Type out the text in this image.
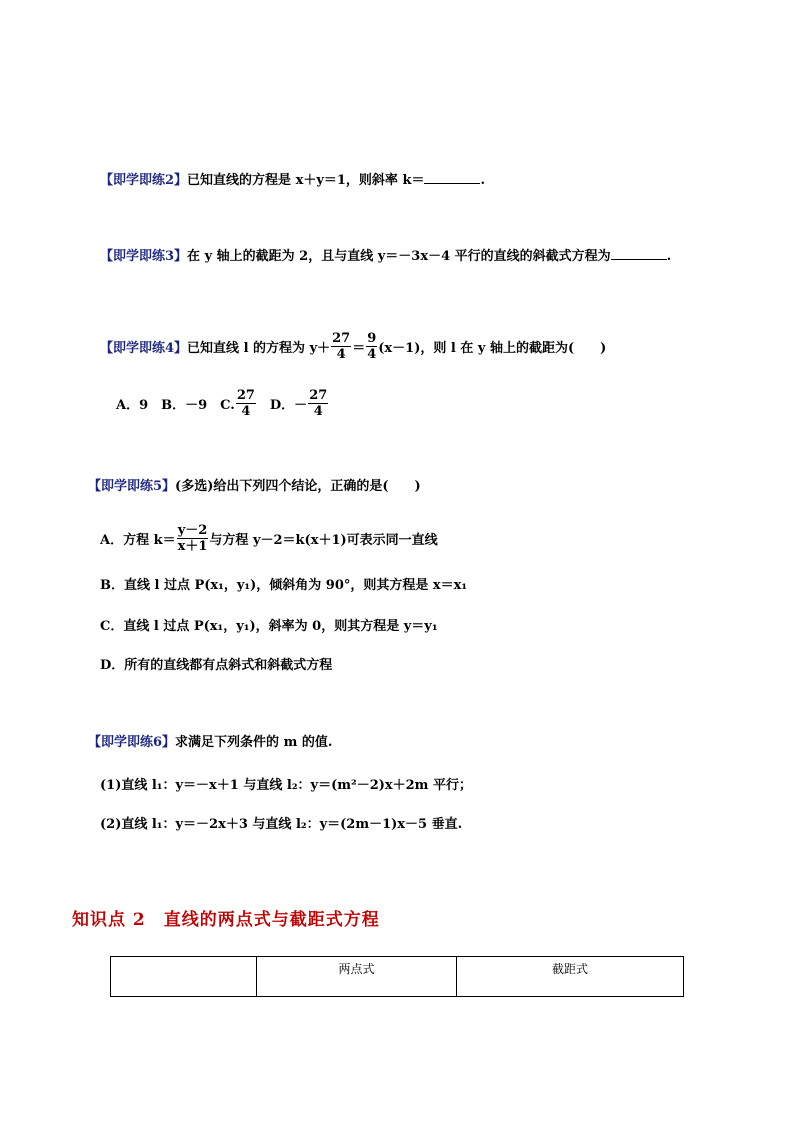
【即学即练2】已知直线的方程是 x＋y＝1，则斜率 k＝	.
【即学即练3】在 y 轴上的截距为 2，且与直线 y＝－3x－4 平行的直线的斜截式方程为	.
【即学即练4】已知直线 l 的方程为 $y+ \frac{27}{4} = \frac{9}{4} (x-1)$，则 l 在 y 轴上的截距为(　　)
A．9　B．－9　C. $\frac{27}{4}$ 　D．－ $\frac{27}{4}$
【即学即练5】(多选)给出下列四个结论，正确的是(　　)
A．方程 $k= \frac{y-2}{x+1}$ 与方程 y－2＝k(x＋1)可表示同一直线
B．直线 l 过点 P(x₁，y₁)，倾斜角为 90°，则其方程是 x＝x₁
C．直线 l 过点 P(x₁，y₁)，斜率为 0，则其方程是 y＝y₁
D．所有的直线都有点斜式和斜截式方程
【即学即练6】求满足下列条件的 m 的值.
(1)直线 l₁：y＝－x＋1 与直线 l₂：y＝(m²－2)x＋2m 平行；
(2)直线 l₁：y＝－2x＋3 与直线 l₂：y＝(2m－1)x－5 垂直.
知识点 2　直线的两点式与截距式方程
	两点式	截距式
